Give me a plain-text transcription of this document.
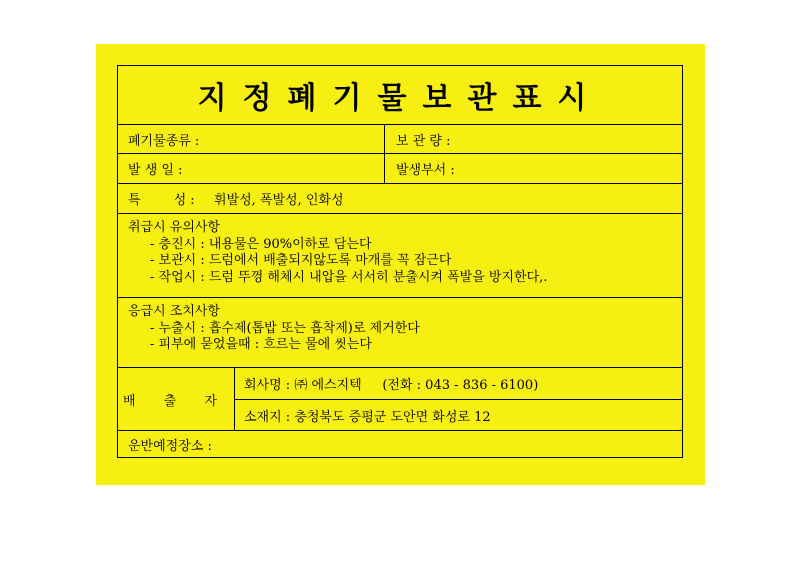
지정폐기물보관표시
폐기물종류 :	보 관 량 :
발 생 일 :	발생부서 :
특        성 : 휘발성, 폭발성, 인화성
취급시 유의사항
- 충진시 : 내용물은 90%이하로 담는다
- 보관시 : 드럼에서 배출되지않도록 마개를 꼭 잠근다
- 작업시 : 드럼 뚜껑 해체시 내압을 서서히 분출시켜 폭발을 방지한다,.
응급시 조치사항
- 누출시 : 흡수제(톱밥 또는 흡착제)로 제거한다
- 피부에 묻었을때 : 흐르는 물에 씻는다
배 출 자
회사명 : ㈜ 에스지텍     (전화 : 043 - 836 - 6100)
소재지 : 충청북도 증평군 도안면 화성로 12
운반예정장소 :
